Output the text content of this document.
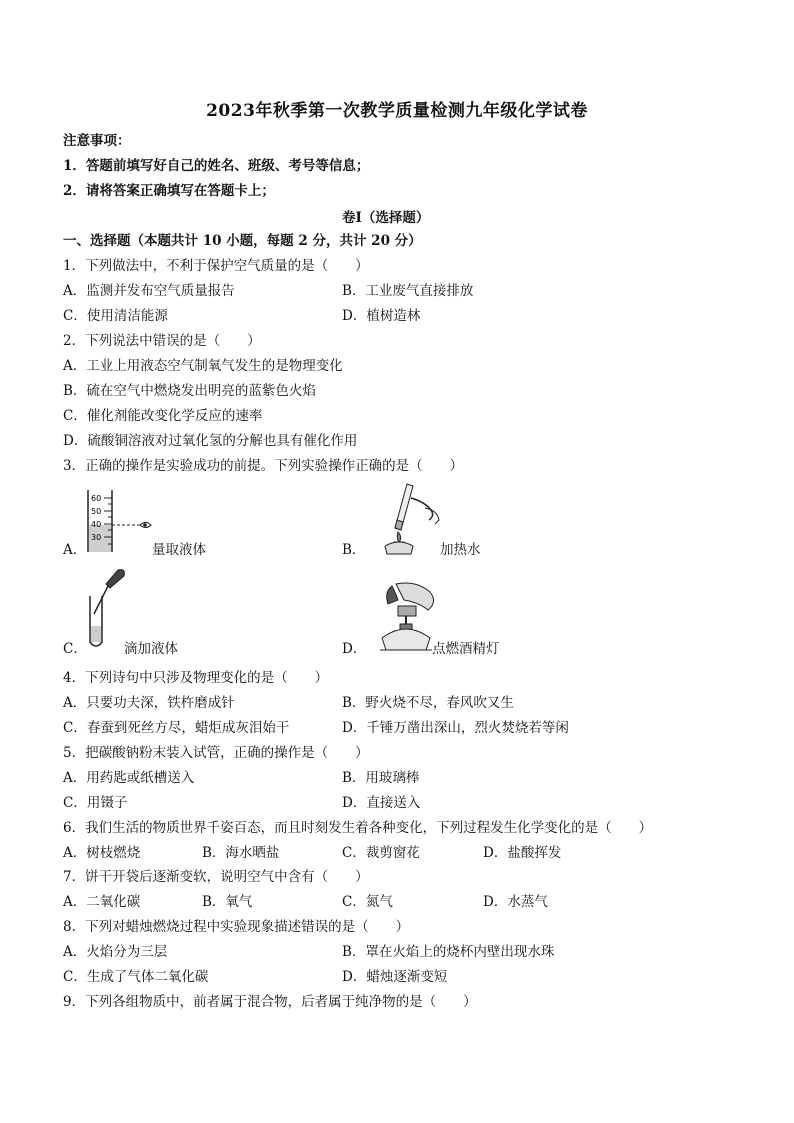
2023年秋季第一次教学质量检测九年级化学试卷
注意事项：
1．答题前填写好自己的姓名、班级、考号等信息；
2．请将答案正确填写在答题卡上；
卷Ⅰ（选择题）
一、选择题（本题共计 10 小题，每题 2 分，共计 20 分）
1．下列做法中，不利于保护空气质量的是（　　）
A．监测并发布空气质量报告	B．工业废气直接排放
C．使用清洁能源	D．植树造林
2．下列说法中错误的是（　　）
A．工业上用液态空气制氧气发生的是物理变化
B．硫在空气中燃烧发出明亮的蓝紫色火焰
C．催化剂能改变化学反应的速率
D．硫酸铜溶液对过氧化氢的分解也具有催化作用
3．正确的操作是实验成功的前提。下列实验操作正确的是（　　）
60
50
40
30
A．	量取液体	B．	加热水
C．	滴加液体	D．	点燃酒精灯
4．下列诗句中只涉及物理变化的是（　　）
A．只要功夫深，铁杵磨成针	B．野火烧不尽，春风吹又生
C．春蚕到死丝方尽，蜡炬成灰泪始干	D．千锤万凿出深山，烈火焚烧若等闲
5．把碳酸钠粉末装入试管，正确的操作是（　　）
A．用药匙或纸槽送入	B．用玻璃棒
C．用镊子	D．直接送入
6．我们生活的物质世界千姿百态，而且时刻发生着各种变化，下列过程发生化学变化的是（　　）
A．树枝燃烧	B．海水晒盐	C．裁剪窗花	D．盐酸挥发
7．饼干开袋后逐渐变软，说明空气中含有（　　）
A．二氧化碳	B．氧气	C．氮气	D．水蒸气
8．下列对蜡烛燃烧过程中实验现象描述错误的是（　　）
A．火焰分为三层	B．罩在火焰上的烧杯内壁出现水珠
C．生成了气体二氧化碳	D．蜡烛逐渐变短
9．下列各组物质中，前者属于混合物，后者属于纯净物的是（　　）
